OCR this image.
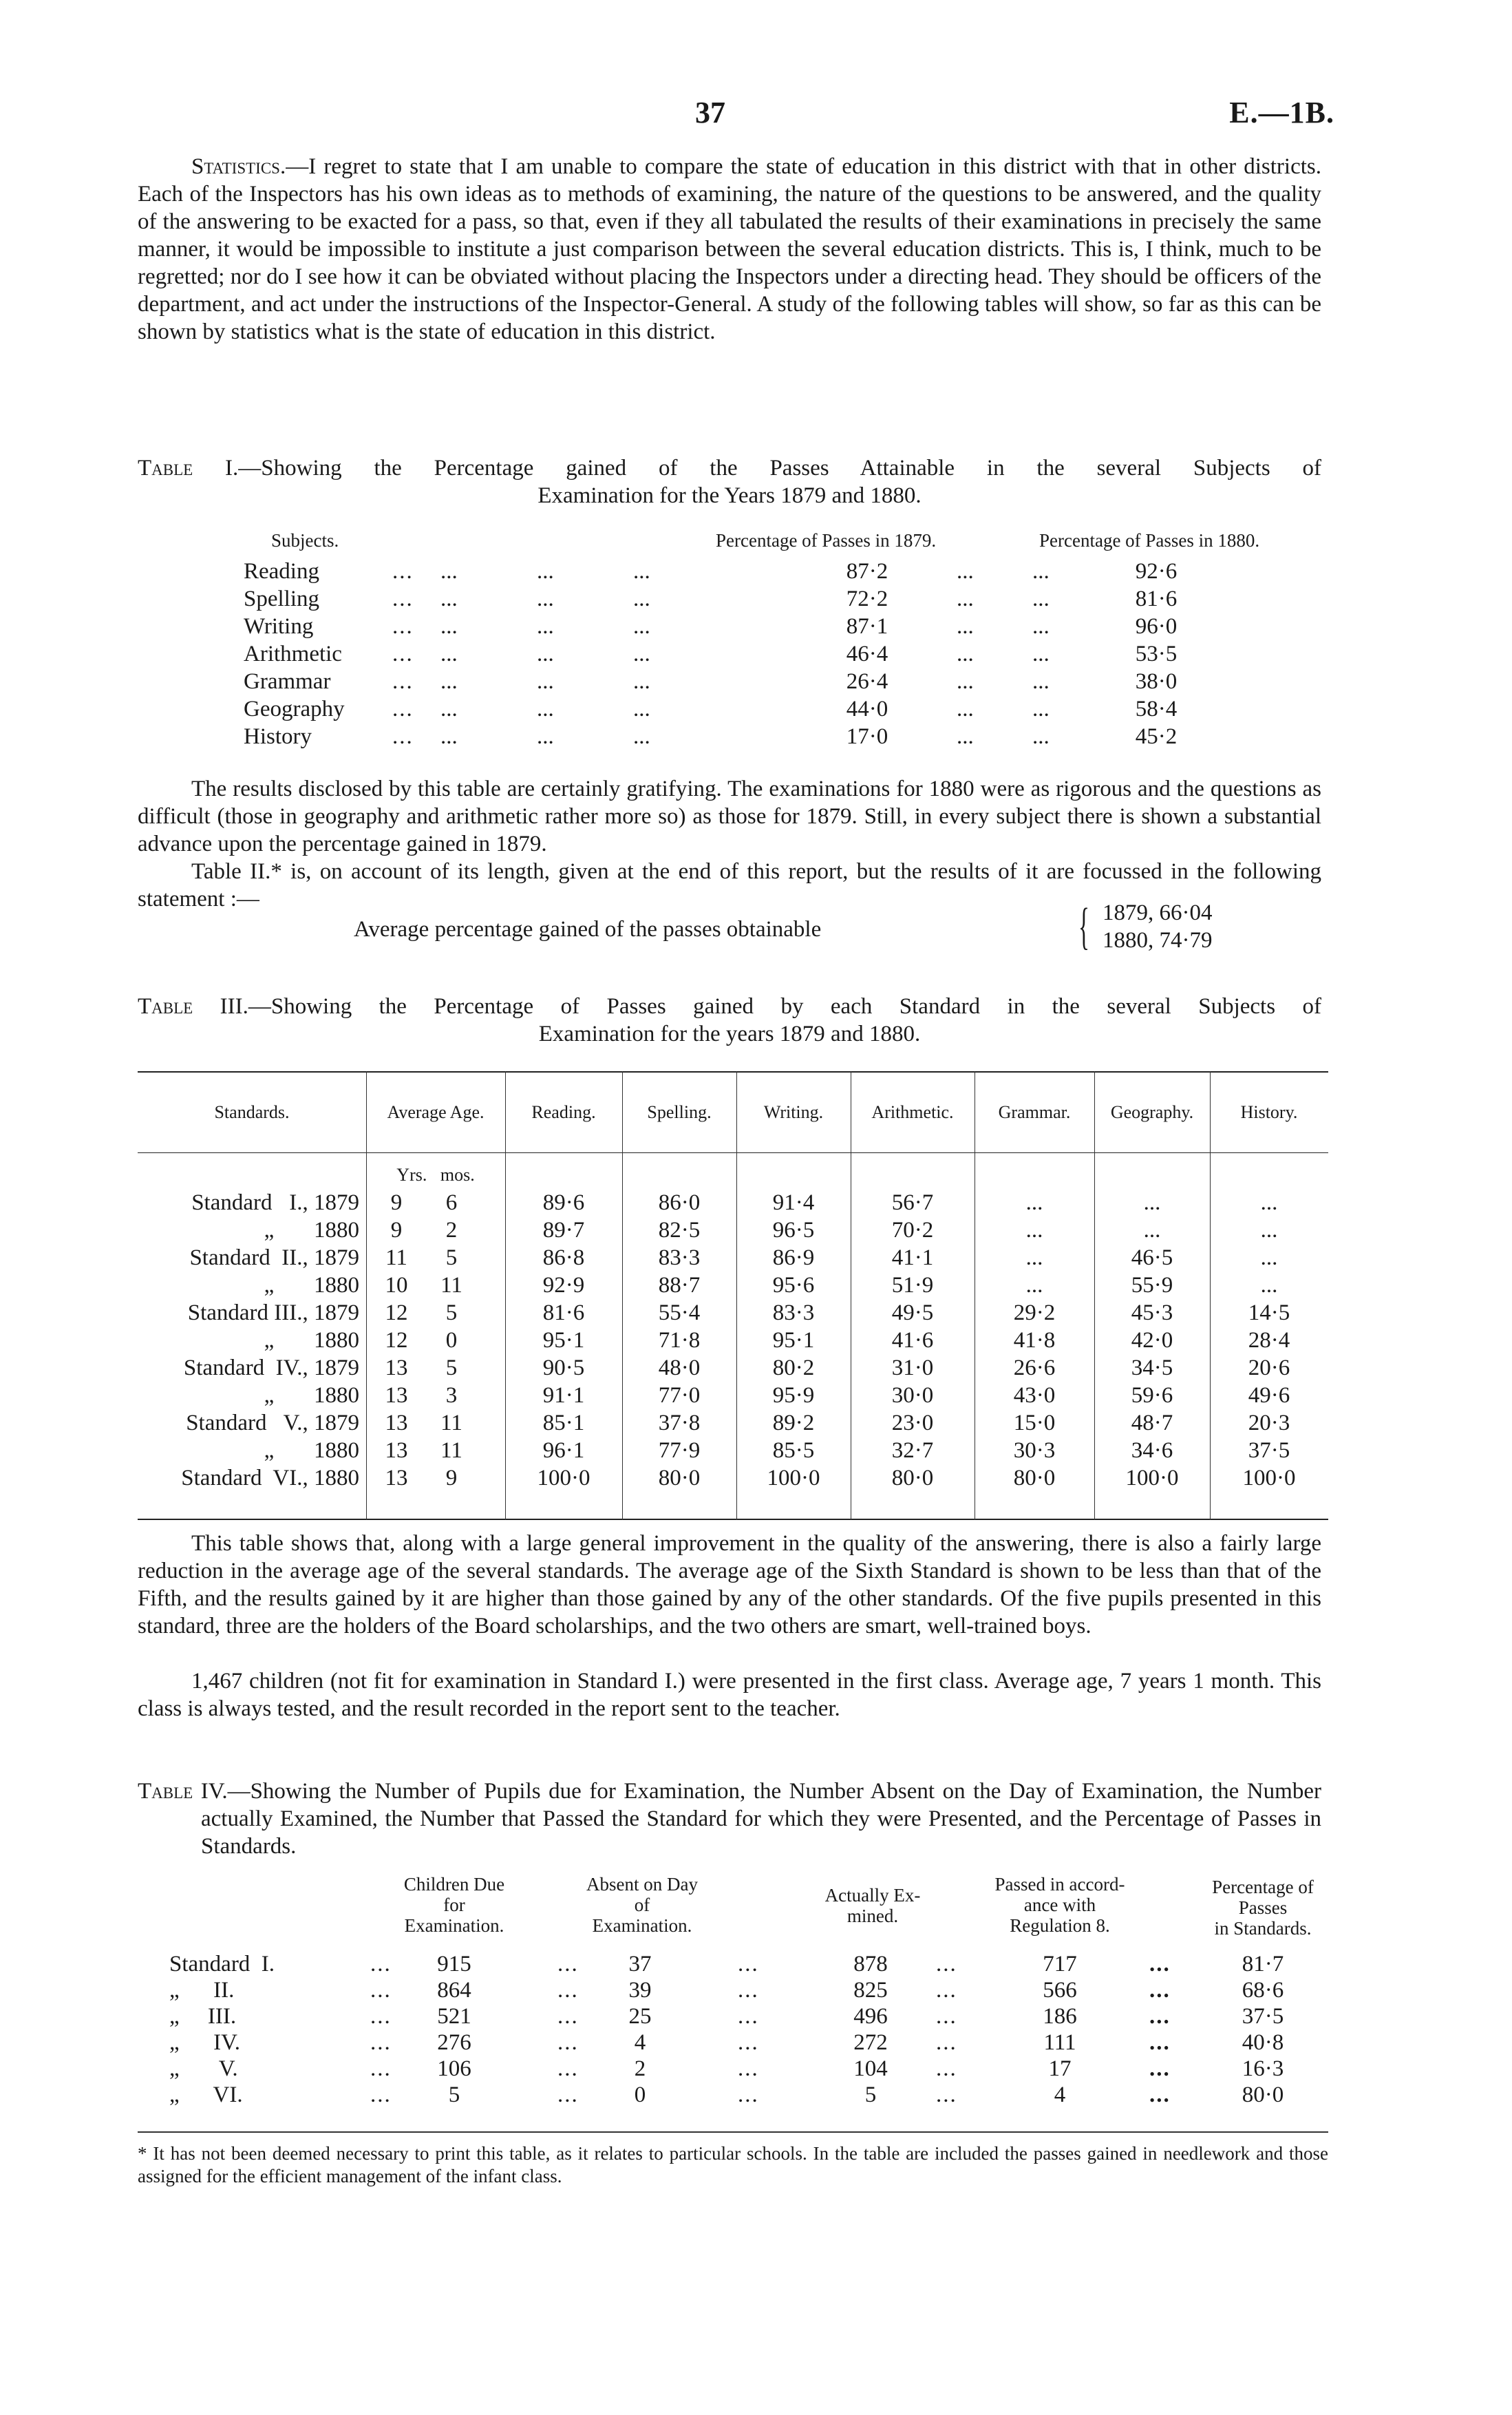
37	E.—1B.
Statistics.—I regret to state that I am unable to compare the state of education in this district with that in other districts. Each of the Inspectors has his own ideas as to methods of examining, the nature of the questions to be answered, and the quality of the answering to be exacted for a pass, so that, even if they all tabulated the results of their examinations in precisely the same manner, it would be impossible to institute a just comparison between the several education districts. This is, I think, much to be regretted; nor do I see how it can be obviated without placing the Inspectors under a directing head. They should be officers of the department, and act under the instructions of the Inspector-General. A study of the following tables will show, so far as this can be shown by statistics what is the state of education in this district.
Table I.—Showing the Percentage gained of the Passes Attainable in the several Subjects of
Examination for the Years 1879 and 1880.
Subjects.	Percentage of Passes in 1879.	Percentage of Passes in 1880.
Reading	... ...	...	...	87·2	...	...	92·6
Spelling	... ...	...	...	72·2	...	...	81·6
Writing	... ...	...	...	87·1	...	...	96·0
Arithmetic ... ...	...	...	46·4	...	...	53·5
Grammar	... ...	...	...	26·4	...	...	38·0
Geography ... ...	...	...	44·0	...	...	58·4
History	... ...	...	...	17·0	...	...	45·2
The results disclosed by this table are certainly gratifying. The examinations for 1880 were as rigorous and the questions as difficult (those in geography and arithmetic rather more so) as those for 1879. Still, in every subject there is shown a substantial advance upon the percentage gained in 1879.
Table II.* is, on account of its length, given at the end of this report, but the results of it are focussed in the following statement :—
Average percentage gained of the passes obtainable	{ 1879, 66·04
1880, 74·79
Table III.—Showing the Percentage of Passes gained by each Standard in the several Subjects of
Examination for the years 1879 and 1880.
Standards.	Average Age.	Reading.	Spelling.	Writing.	Arithmetic.	Grammar.	Geography.	History.
Yrs.   mos.
Standard   I., 1879	9	6	89·6	86·0	91·4	56·7	...	...	...
„       1880	9	2	89·7	82·5	96·5	70·2	...	...	...
Standard  II., 1879	11	5	86·8	83·3	86·9	41·1	...	46·5	...
„       1880	10	11	92·9	88·7	95·6	51·9	...	55·9	...
Standard III., 1879	12	5	81·6	55·4	83·3	49·5	29·2	45·3	14·5
„       1880	12	0	95·1	71·8	95·1	41·6	41·8	42·0	28·4
Standard  IV., 1879	13	5	90·5	48·0	80·2	31·0	26·6	34·5	20·6
„       1880	13	3	91·1	77·0	95·9	30·0	43·0	59·6	49·6
Standard   V., 1879	13	11	85·1	37·8	89·2	23·0	15·0	48·7	20·3
„       1880	13	11	96·1	77·9	85·5	32·7	30·3	34·6	37·5
Standard  VI., 1880	13	9	100·0	80·0	100·0	80·0	80·0	100·0	100·0
This table shows that, along with a large general improvement in the quality of the answering, there is also a fairly large reduction in the average age of the several standards. The average age of the Sixth Standard is shown to be less than that of the Fifth, and the results gained by it are higher than those gained by any of the other standards. Of the five pupils presented in this standard, three are the holders of the Board scholarships, and the two others are smart, well-trained boys.
1,467 children (not fit for examination in Standard I.) were presented in the first class. Average age, 7 years 1 month. This class is always tested, and the result recorded in the report sent to the teacher.
Table IV.—Showing the Number of Pupils due for Examination, the Number Absent on the Day of Examination, the Number actually Examined, the Number that Passed the Standard for which they were Presented, and the Percentage of Passes in Standards.
Children Due
for
Examination.
Absent on Day
of
Examination.
Actually Ex-
mined.
Passed in accord-
ance with
Regulation 8.
Percentage of
Passes
in Standards.
Standard  I.	...	915	...	37	...	878	...	717	...	81·7
„      II.	...	864	...	39	...	825	...	566	...	68·6
„     III.	...	521	...	25	...	496	...	186	...	37·5
„      IV.	...	276	...	4	...	272	...	111	...	40·8
„       V.	...	106	...	2	...	104	...	17	...	16·3
„      VI.	...	5	...	0	...	5	...	4	...	80·0
* It has not been deemed necessary to print this table, as it relates to particular schools. In the table are included the passes gained in needlework and those assigned for the efficient management of the infant class.
